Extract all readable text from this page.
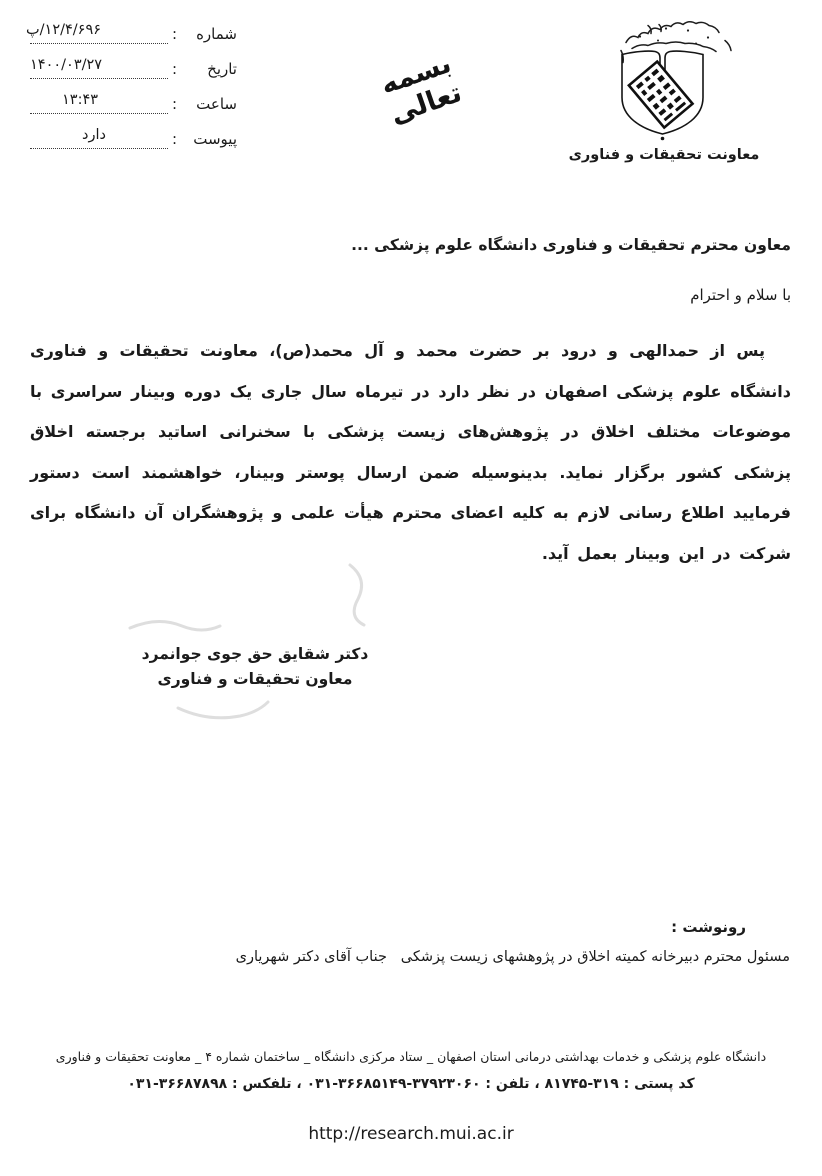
شماره
:
۱۲/۴/۶۹۶/پ
تاریخ
:
۱۴۰۰/۰۳/۲۷
ساعت
:
۱۳:۴۳
پیوست
:
دارد
بسمه تعالی
معاونت تحقیقات و فناوری
معاون محترم تحقیقات و فناوری دانشگاه علوم پزشکی ...
با سلام و احترام

پس از حمدالهی و درود بر حضرت محمد و آل محمد(ص)، معاونت تحقیقات و فناوری دانشگاه علوم پزشکی اصفهان در نظر دارد در تیرماه سال جاری یک دوره وبینار سراسری با موضوعات مختلف اخلاق در پژوهش‌های زیست پزشکی با سخنرانی اساتید برجسته اخلاق پزشکی کشور برگزار نماید. بدینوسیله ضمن ارسال پوستر وبینار، خواهشمند است دستور فرمایید اطلاع رسانی لازم به کلیه اعضای محترم هیأت علمی و پژوهشگران آن دانشگاه برای شرکت در این وبینار بعمل آید.

دکتر شقایق حق جوی جوانمرد
معاون تحقیقات و فناوری
رونوشت :
مسئول محترم دبیرخانه کمیته اخلاق در پژوهشهای زیست پزشکی   جناب آقای دکتر شهریاری
دانشگاه علوم پزشکی و خدمات بهداشتی درمانی استان اصفهان _ ستاد مرکزی دانشگاه _ ساختمان شماره ۴ _ معاونت تحقیقات و فناوری
کد پستی : ۳۱۹-۸۱۷۴۵ ، تلفن : ۳۷۹۲۳۰۶۰-۳۶۶۸۵۱۴۹-۰۳۱ ، تلفکس : ۳۶۶۸۷۸۹۸-۰۳۱
http://research.mui.ac.ir
